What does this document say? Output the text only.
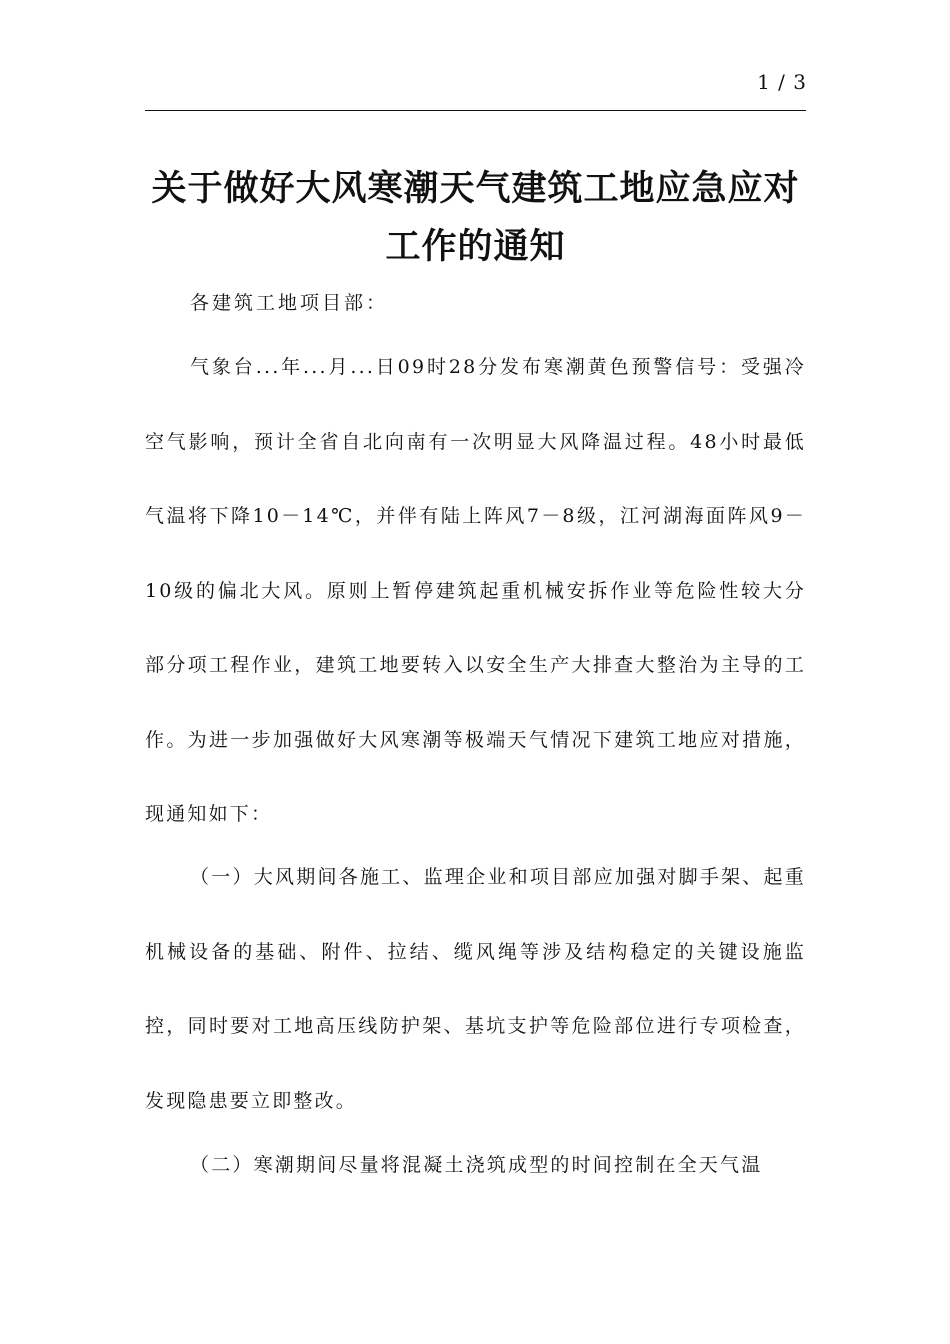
1 / 3
关于做好大风寒潮天气建筑工地应急应对
工作的通知

各建筑工地项目部：

气象台...年...月...日09时28分发布寒潮黄色预警信号：受强冷空气影响，预计全省自北向南有一次明显大风降温过程。48小时最低气温将下降10－14℃，并伴有陆上阵风7－8级，江河湖海面阵风9－10级的偏北大风。原则上暂停建筑起重机械安拆作业等危险性较大分部分项工程作业，建筑工地要转入以安全生产大排查大整治为主导的工作。为进一步加强做好大风寒潮等极端天气情况下建筑工地应对措施，现通知如下：

（一）大风期间各施工、监理企业和项目部应加强对脚手架、起重机械设备的基础、附件、拉结、缆风绳等涉及结构稳定的关键设施监控，同时要对工地高压线防护架、基坑支护等危险部位进行专项检查，发现隐患要立即整改。

（二）寒潮期间尽量将混凝土浇筑成型的时间控制在全天气温
